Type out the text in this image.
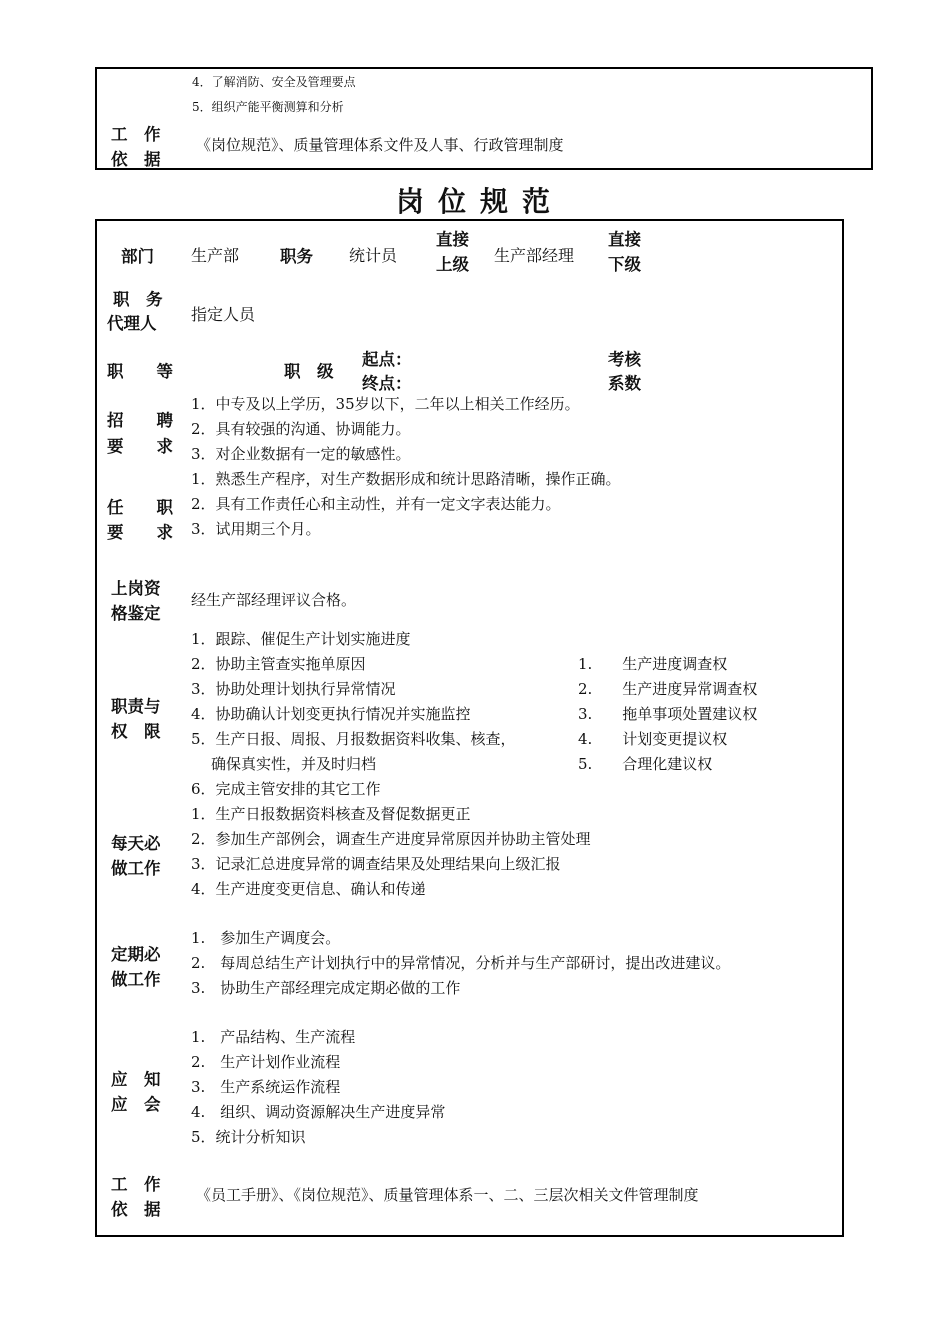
4．了解消防、安全及管理要点
5．组织产能平衡测算和分析
工　作
依　据
《岗位规范》、质量管理体系文件及人事、行政管理制度
岗位规范
部门 生产部 职务 统计员
直接
上级 生产部经理
直接
下级
职　务
代理人 指定人员
职　　等	职　级
起点：
终点：
考核
系数
招　　聘
要　　求
1．中专及以上学历，35岁以下，二年以上相关工作经历。
2．具有较强的沟通、协调能力。
3．对企业数据有一定的敏感性。
任　　职
要　　求
1．熟悉生产程序，对生产数据形成和统计思路清晰，操作正确。
2．具有工作责任心和主动性，并有一定文字表达能力。
3．试用期三个月。
上岗资
格鉴定
经生产部经理评议合格。
职责与
权　限
1．跟踪、催促生产计划实施进度
2．协助主管查实拖单原因
3．协助处理计划执行异常情况
4．协助确认计划变更执行情况并实施监控
5．生产日报、周报、月报数据资料收集、核查，
　确保真实性，并及时归档
6．完成主管安排的其它工作
1.　　生产进度调查权
2.　　生产进度异常调查权
3.　　拖单事项处置建议权
4.　　计划变更提议权
5.　　合理化建议权
每天必
做工作
1．生产日报数据资料核查及督促数据更正
2．参加生产部例会，调查生产进度异常原因并协助主管处理
3．记录汇总进度异常的调查结果及处理结果向上级汇报
4．生产进度变更信息、确认和传递
定期必
做工作
1.　参加生产调度会。
2.　每周总结生产计划执行中的异常情况，分析并与生产部研讨，提出改进建议。
3.　协助生产部经理完成定期必做的工作
应　知
应　会
1.　产品结构、生产流程
2.　生产计划作业流程
3.　生产系统运作流程
4.　组织、调动资源解决生产进度异常
5．统计分析知识
工　作
依　据
《员工手册》、《岗位规范》、质量管理体系一、二、三层次相关文件管理制度
